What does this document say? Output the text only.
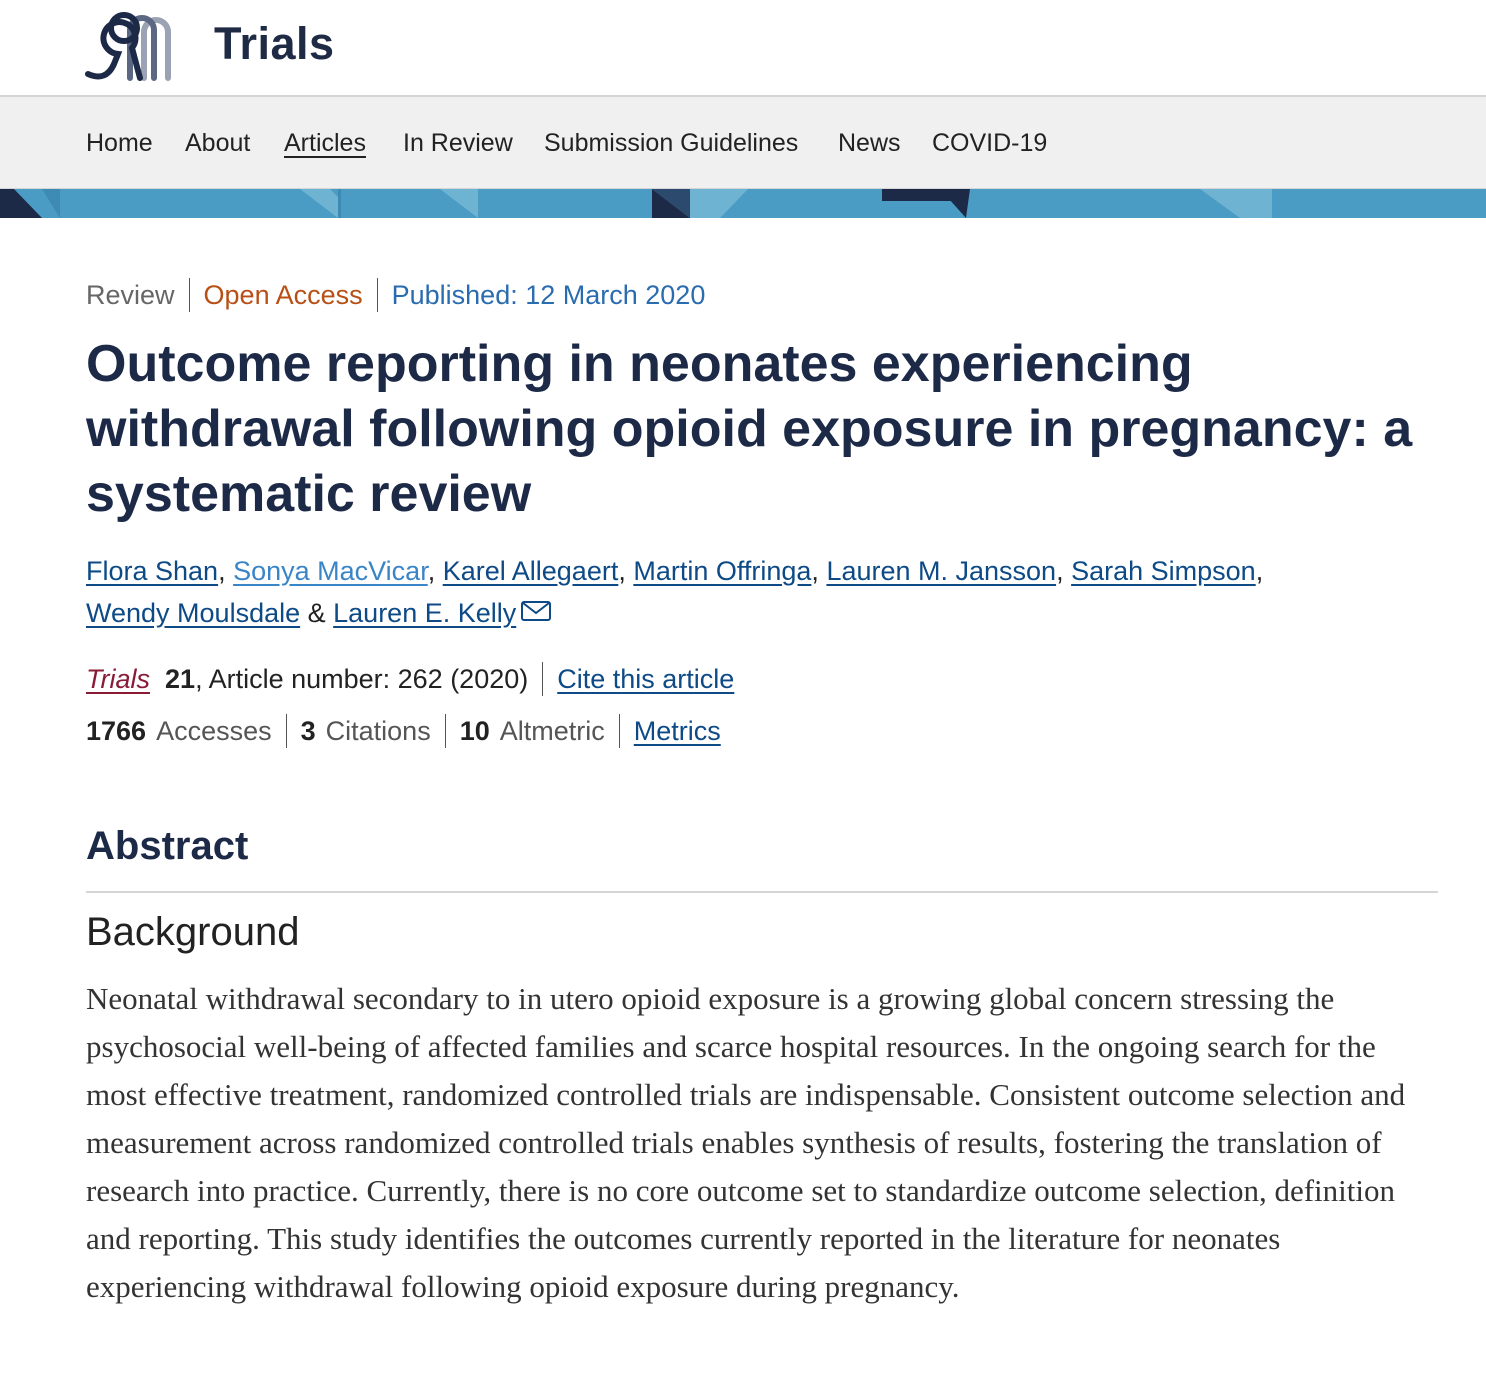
Trials
Home About Articles In Review Submission Guidelines News COVID-19
Review Open Access Published: 12 March 2020
Outcome reporting in neonates experiencing withdrawal following opioid exposure in pregnancy: a systematic review
Flora Shan, Sonya MacVicar, Karel Allegaert, Martin Offringa, Lauren M. Jansson, Sarah Simpson,
Wendy Moulsdale & Lauren E. Kelly
Trials 21, Article number: 262 (2020) Cite this article
1766 Accesses 3 Citations 10 Altmetric Metrics
Abstract
Background

Neonatal withdrawal secondary to in utero opioid exposure is a growing global concern stressing the psychosocial well-being of affected families and scarce hospital resources. In the ongoing search for the most effective treatment, randomized controlled trials are indispensable. Consistent outcome selection and measurement across randomized controlled trials enables synthesis of results, fostering the translation of research into practice. Currently, there is no core outcome set to standardize outcome selection, definition and reporting. This study identifies the outcomes currently reported in the literature for neonates experiencing withdrawal following opioid exposure during pregnancy.
